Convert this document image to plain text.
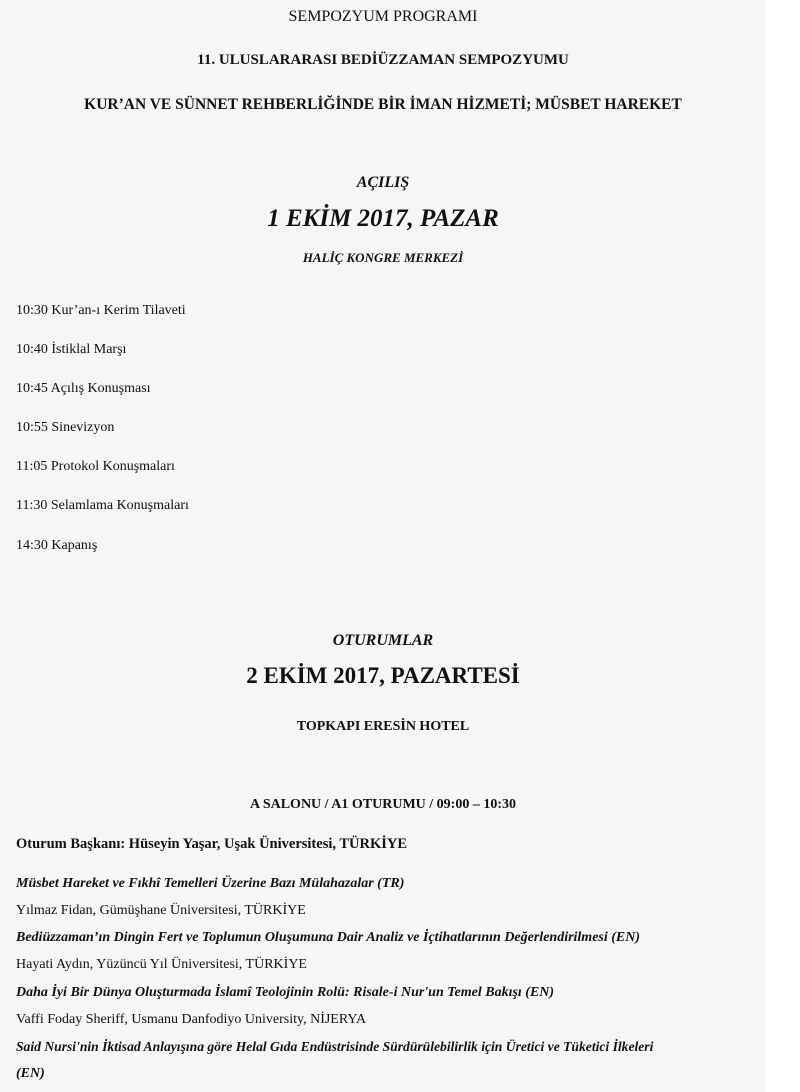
SEMPOZYUM PROGRAMI
11. ULUSLARARASI BEDİÜZZAMAN SEMPOZYUMU
KUR’AN VE SÜNNET REHBERLİĞİNDE BİR İMAN HİZMETİ; MÜSBET HAREKET
AÇILIŞ
1 EKİM 2017, PAZAR
HALİÇ KONGRE MERKEZİ
10:30 Kur’an-ı Kerim Tilaveti
10:40 İstiklal Marşı
10:45 Açılış Konuşması
10:55 Sinevizyon
11:05 Protokol Konuşmaları
11:30 Selamlama Konuşmaları
14:30 Kapanış
OTURUMLAR
2 EKİM 2017, PAZARTESİ
TOPKAPI ERESİN HOTEL
A SALONU / A1 OTURUMU / 09:00 – 10:30
Oturum Başkanı: Hüseyin Yaşar, Uşak Üniversitesi, TÜRKİYE
Müsbet Hareket ve Fıkhî Temelleri Üzerine Bazı Mülahazalar (TR)
Yılmaz Fidan, Gümüşhane Üniversitesi, TÜRKİYE
Bediüzzaman’ın Dingin Fert ve Toplumun Oluşumuna Dair Analiz ve İçtihatlarının Değerlendirilmesi (EN)
Hayati Aydın, Yüzüncü Yıl Üniversitesi, TÜRKİYE
Daha İyi Bir Dünya Oluşturmada İslamî Teolojinin Rolü: Risale-i Nur'un Temel Bakışı (EN)
Vaffi Foday Sheriff, Usmanu Danfodiyo University, NİJERYA
Said Nursi'nin İktisad Anlayışına göre Helal Gıda Endüstrisinde Sürdürülebilirlik için Üretici ve Tüketici İlkeleri
(EN)
